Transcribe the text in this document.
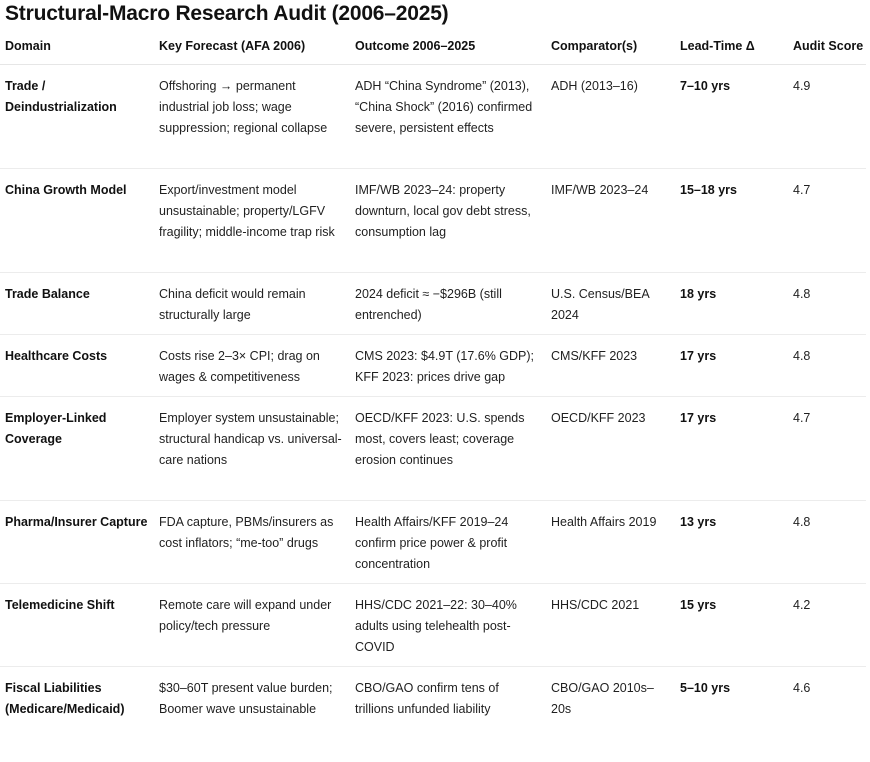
Structural-Macro Research Audit (2006–2025)
Domain	Key Forecast (AFA 2006)	Outcome 2006–2025	Comparator(s)	Lead-Time Δ	Audit Score
Trade / Deindustrialization	Offshoring → permanent industrial job loss; wage suppression; regional collapse	ADH “China Syndrome” (2013), “China Shock” (2016) confirmed severe, persistent effects	ADH (2013–16)	7–10 yrs	4.9
China Growth Model	Export/investment model unsustainable; property/LGFV fragility; middle-income trap risk	IMF/WB 2023–24: property downturn, local gov debt stress, consumption lag	IMF/WB 2023–24	15–18 yrs	4.7
Trade Balance	China deficit would remain structurally large	2024 deficit ≈ −$296B (still entrenched)	U.S. Census/BEA 2024	18 yrs	4.8
Healthcare Costs	Costs rise 2–3× CPI; drag on wages & competitiveness	CMS 2023: $4.9T (17.6% GDP); KFF 2023: prices drive gap	CMS/KFF 2023	17 yrs	4.8
Employer-Linked Coverage	Employer system unsustainable; structural handicap vs. universal-care nations	OECD/KFF 2023: U.S. spends most, covers least; coverage erosion continues	OECD/KFF 2023	17 yrs	4.7
Pharma/Insurer Capture	FDA capture, PBMs/insurers as cost inflators; “me-too” drugs	Health Affairs/KFF 2019–24 confirm price power & profit concentration	Health Affairs 2019	13 yrs	4.8
Telemedicine Shift	Remote care will expand under policy/tech pressure	HHS/CDC 2021–22: 30–40% adults using telehealth post-COVID	HHS/CDC 2021	15 yrs	4.2
Fiscal Liabilities (Medicare/Medicaid)	$30–60T present value burden; Boomer wave unsustainable	CBO/GAO confirm tens of trillions unfunded liability	CBO/GAO 2010s–20s	5–10 yrs	4.6
